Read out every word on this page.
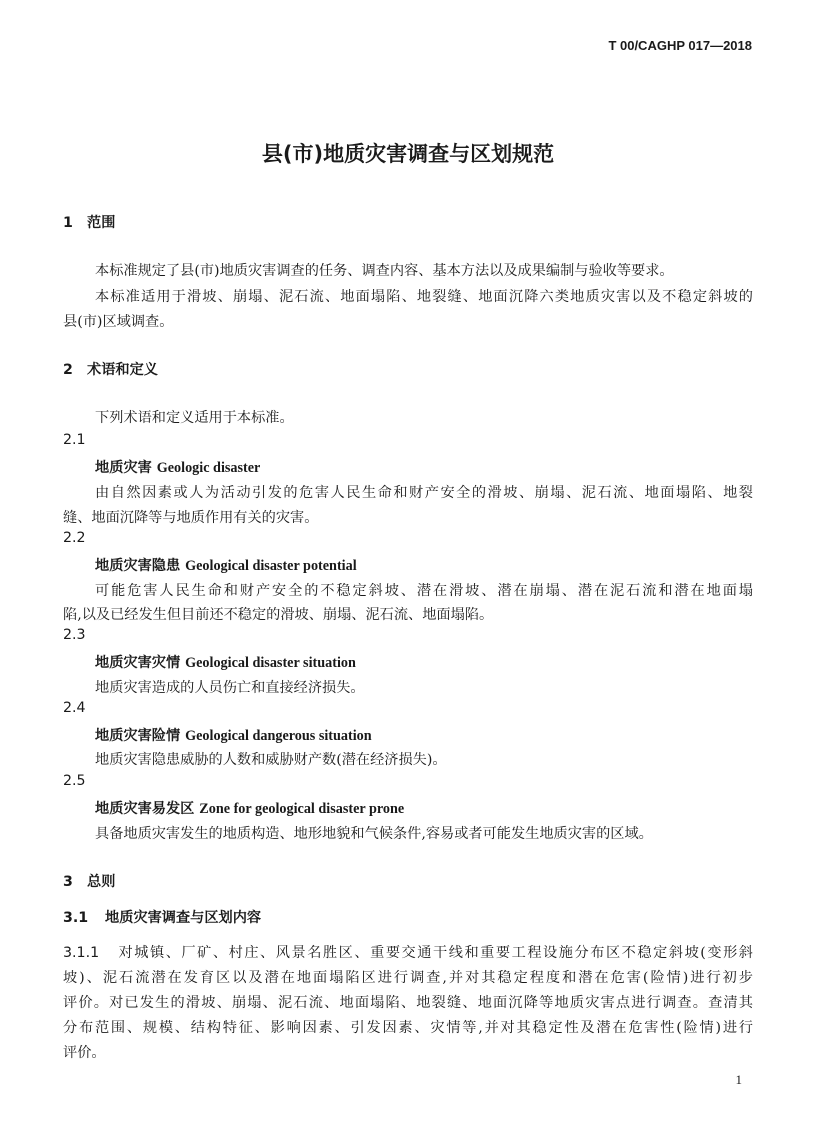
T 00/CAGHP 017—2018
县(市)地质灾害调查与区划规范
1 范围
本标准规定了县(市)地质灾害调查的任务、调查内容、基本方法以及成果编制与验收等要求。
本标准适用于滑坡、崩塌、泥石流、地面塌陷、地裂缝、地面沉降六类地质灾害以及不稳定斜坡的
县(市)区域调查。
2 术语和定义
下列术语和定义适用于本标准。
2.1
地质灾害 Geologic disaster
由自然因素或人为活动引发的危害人民生命和财产安全的滑坡、崩塌、泥石流、地面塌陷、地裂
缝、地面沉降等与地质作用有关的灾害。
2.2
地质灾害隐患 Geological disaster potential
可能危害人民生命和财产安全的不稳定斜坡、潜在滑坡、潜在崩塌、潜在泥石流和潜在地面塌
陷,以及已经发生但目前还不稳定的滑坡、崩塌、泥石流、地面塌陷。
2.3
地质灾害灾情 Geological disaster situation
地质灾害造成的人员伤亡和直接经济损失。
2.4
地质灾害险情 Geological dangerous situation
地质灾害隐患威胁的人数和威胁财产数(潜在经济损失)。
2.5
地质灾害易发区 Zone for geological disaster prone
具备地质灾害发生的地质构造、地形地貌和气候条件,容易或者可能发生地质灾害的区域。
3 总则
3.1 地质灾害调查与区划内容
3.1.1 对城镇、厂矿、村庄、风景名胜区、重要交通干线和重要工程设施分布区不稳定斜坡(变形斜
坡)、泥石流潜在发育区以及潜在地面塌陷区进行调查,并对其稳定程度和潜在危害(险情)进行初步
评价。对已发生的滑坡、崩塌、泥石流、地面塌陷、地裂缝、地面沉降等地质灾害点进行调查。查清其
分布范围、规模、结构特征、影响因素、引发因素、灾情等,并对其稳定性及潜在危害性(险情)进行
评价。
1
